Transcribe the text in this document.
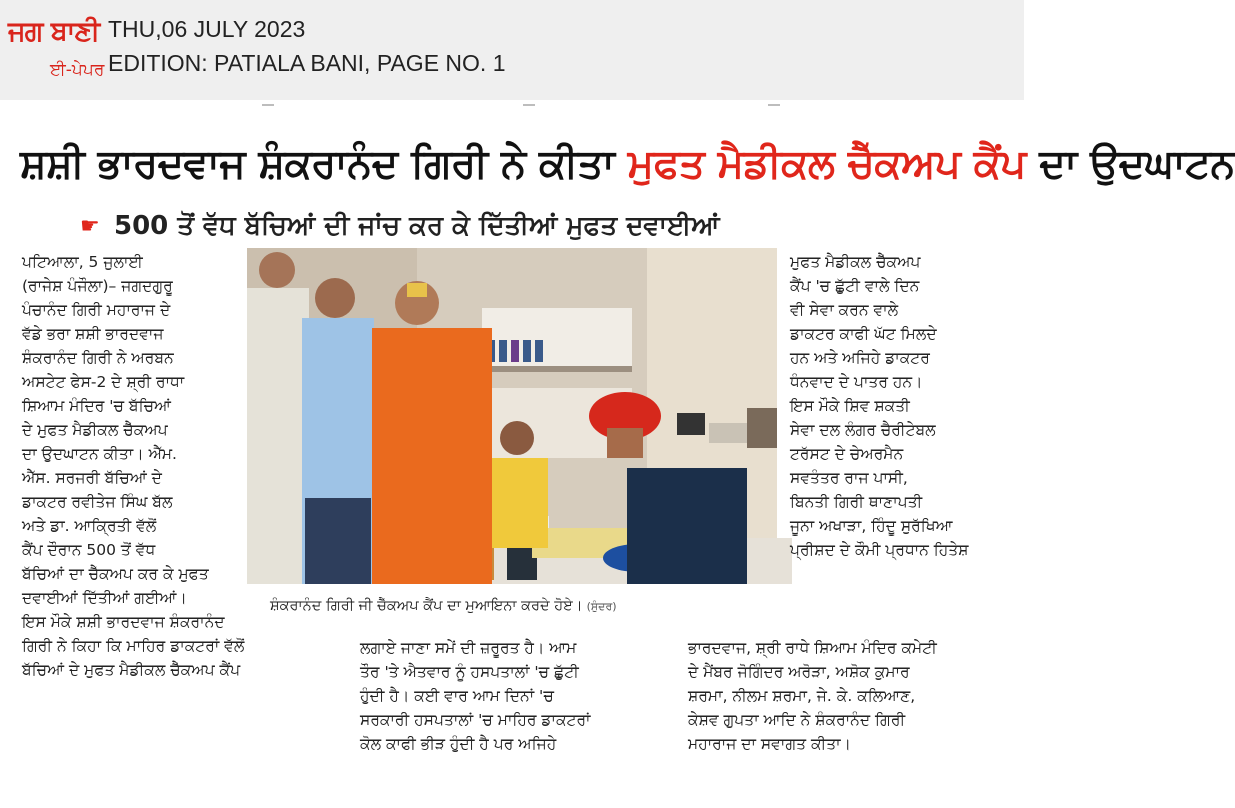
ਜਗ ਬਾਣੀ
ਈ-ਪੇਪਰ
THU,06 JULY 2023
EDITION: PATIALA BANI, PAGE NO. 1
ਸ਼ਸ਼ੀ ਭਾਰਦਵਾਜ ਸ਼ੰਕਰਾਨੰਦ ਗਿਰੀ ਨੇ ਕੀਤਾ ਮੁਫਤ ਮੈਡੀਕਲ ਚੈੱਕਅਪ ਕੈਂਪ ਦਾ ਉਦਘਾਟਨ
☛ 500 ਤੋਂ ਵੱਧ ਬੱਚਿਆਂ ਦੀ ਜਾਂਚ ਕਰ ਕੇ ਦਿੱਤੀਆਂ ਮੁਫਤ ਦਵਾਈਆਂ

ਪਟਿਆਲਾ, 5 ਜੁਲਾਈ

(ਰਾਜੇਸ਼ ਪੰਜੌਲਾ)– ਜਗਦਗੁਰੂ

ਪੰਚਾਨੰਦ ਗਿਰੀ ਮਹਾਰਾਜ ਦੇ

ਵੱਡੇ ਭਰਾ ਸ਼ਸ਼ੀ ਭਾਰਦਵਾਜ

ਸ਼ੰਕਰਾਨੰਦ ਗਿਰੀ ਨੇ ਅਰਬਨ

ਅਸਟੇਟ ਫੇਸ-2 ਦੇ ਸ਼੍ਰੀ ਰਾਧਾ

ਸ਼ਿਆਮ ਮੰਦਿਰ 'ਚ ਬੱਚਿਆਂ

ਦੇ ਮੁਫਤ ਮੈਡੀਕਲ ਚੈੱਕਅਪ

ਦਾ ਉਦਘਾਟਨ ਕੀਤਾ। ਐੱਮ.

ਐੱਸ. ਸਰਜਰੀ ਬੱਚਿਆਂ ਦੇ

ਡਾਕਟਰ ਰਵੀਤੇਜ ਸਿੰਘ ਬੱਲ

ਅਤੇ ਡਾ. ਆਕ੍ਰਿਤੀ ਵੱਲੋਂ

ਕੈਂਪ ਦੌਰਾਨ 500 ਤੋਂ ਵੱਧ

ਬੱਚਿਆਂ ਦਾ ਚੈੱਕਅਪ ਕਰ ਕੇ ਮੁਫਤ

ਦਵਾਈਆਂ ਦਿੱਤੀਆਂ ਗਈਆਂ।

ਇਸ ਮੌਕੇ ਸ਼ਸ਼ੀ ਭਾਰਦਵਾਜ ਸ਼ੰਕਰਾਨੰਦ

ਗਿਰੀ ਨੇ ਕਿਹਾ ਕਿ ਮਾਹਿਰ ਡਾਕਟਰਾਂ ਵੱਲੋਂ

ਬੱਚਿਆਂ ਦੇ ਮੁਫਤ ਮੈਡੀਕਲ ਚੈੱਕਅਪ ਕੈਂਪ

ਸ਼ੰਕਰਾਨੰਦ ਗਿਰੀ ਜੀ ਚੈੱਕਅਪ ਕੈਂਪ ਦਾ ਮੁਆਇਨਾ ਕਰਦੇ ਹੋਏ। (ਸੁੰਦਰ)

ਲਗਾਏ ਜਾਣਾ ਸਮੇਂ ਦੀ ਜ਼ਰੂਰਤ ਹੈ। ਆਮ

ਤੌਰ 'ਤੇ ਐਤਵਾਰ ਨੂੰ ਹਸਪਤਾਲਾਂ 'ਚ ਛੁੱਟੀ

ਹੁੰਦੀ ਹੈ। ਕਈ ਵਾਰ ਆਮ ਦਿਨਾਂ 'ਚ

ਸਰਕਾਰੀ ਹਸਪਤਾਲਾਂ 'ਚ ਮਾਹਿਰ ਡਾਕਟਰਾਂ

ਕੋਲ ਕਾਫੀ ਭੀੜ ਹੁੰਦੀ ਹੈ ਪਰ ਅਜਿਹੇ

ਭਾਰਦਵਾਜ, ਸ਼੍ਰੀ ਰਾਧੇ ਸ਼ਿਆਮ ਮੰਦਿਰ ਕਮੇਟੀ

ਦੇ ਮੈਂਬਰ ਜੋਗਿੰਦਰ ਅਰੋੜਾ, ਅਸ਼ੋਕ ਕੁਮਾਰ

ਸ਼ਰਮਾ, ਨੀਲਮ ਸ਼ਰਮਾ, ਜੇ. ਕੇ. ਕਲਿਆਣ,

ਕੇਸ਼ਵ ਗੁਪਤਾ ਆਦਿ ਨੇ ਸ਼ੰਕਰਾਨੰਦ ਗਿਰੀ

ਮਹਾਰਾਜ ਦਾ ਸਵਾਗਤ ਕੀਤਾ।

ਮੁਫਤ ਮੈਡੀਕਲ ਚੈੱਕਅਪ

ਕੈਂਪ 'ਚ ਛੁੱਟੀ ਵਾਲੇ ਦਿਨ

ਵੀ ਸੇਵਾ ਕਰਨ ਵਾਲੇ

ਡਾਕਟਰ ਕਾਫੀ ਘੱਟ ਮਿਲਦੇ

ਹਨ ਅਤੇ ਅਜਿਹੇ ਡਾਕਟਰ

ਧੰਨਵਾਦ ਦੇ ਪਾਤਰ ਹਨ।

ਇਸ ਮੌਕੇ ਸ਼ਿਵ ਸ਼ਕਤੀ

ਸੇਵਾ ਦਲ ਲੰਗਰ ਚੈਰੀਟੇਬਲ

ਟਰੱਸਟ ਦੇ ਚੇਅਰਮੈਨ

ਸਵਤੰਤਰ ਰਾਜ ਪਾਸੀ,

ਬਿਨਤੀ ਗਿਰੀ ਥਾਣਾਪਤੀ

ਜੂਨਾ ਅਖਾੜਾ, ਹਿੰਦੂ ਸੁਰੱਖਿਆ

ਪ੍ਰੀਸ਼ਦ ਦੇ ਕੌਮੀ ਪ੍ਰਧਾਨ ਹਿਤੇਸ਼
